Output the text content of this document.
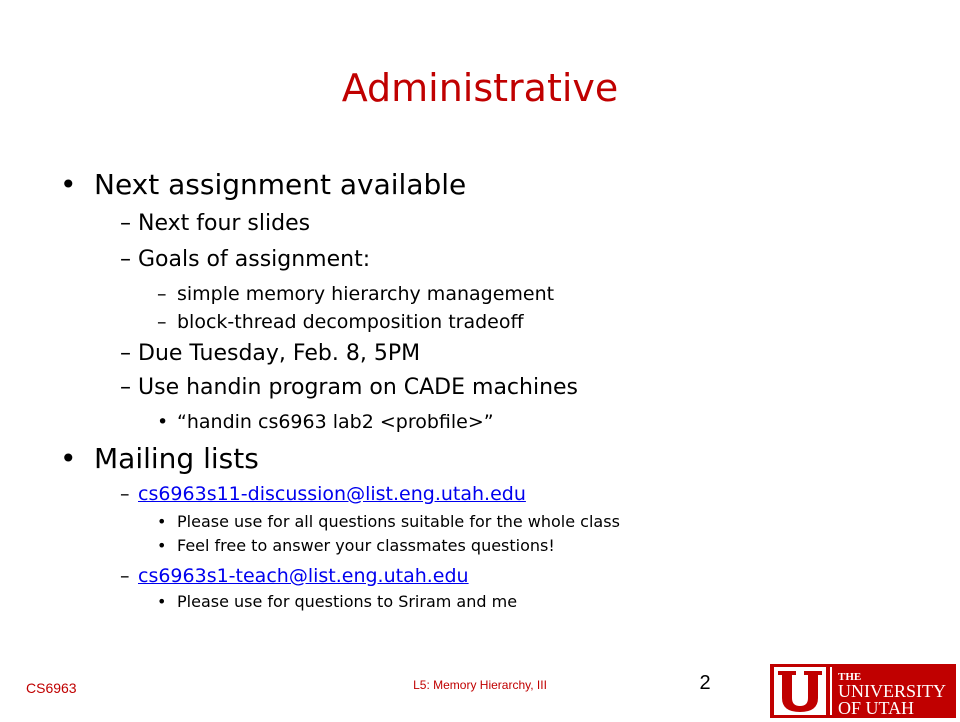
Administrative
• Next assignment available
– Next four slides
– Goals of assignment:
– simple memory hierarchy management
– block-thread decomposition tradeoff
– Due Tuesday, Feb. 8, 5PM
– Use handin program on CADE machines
• “handin cs6963 lab2 <probfile>”
• Mailing lists
– cs6963s11-discussion@list.eng.utah.edu
• Please use for all questions suitable for the whole class
• Feel free to answer your classmates questions!
– cs6963s1-teach@list.eng.utah.edu
• Please use for questions to Sriram and me
CS6963	L5: Memory Hierarchy, III	2	THE
UNIVERSITY
OF UTAH
